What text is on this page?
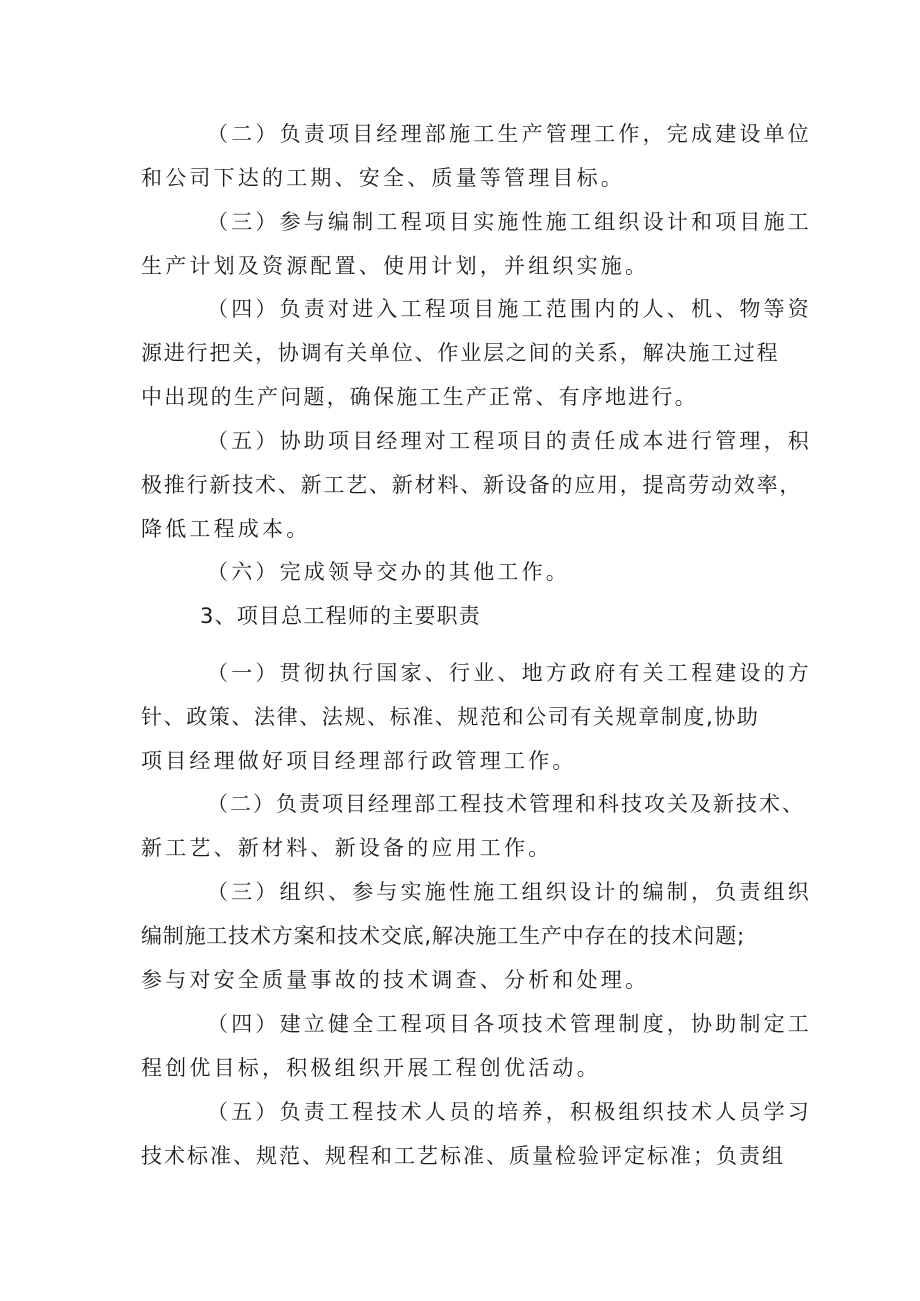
（二）负责项目经理部施工生产管理工作，完成建设单位
和公司下达的工期、安全、质量等管理目标。
（三）参与编制工程项目实施性施工组织设计和项目施工
生产计划及资源配置、使用计划，并组织实施。
（四）负责对进入工程项目施工范围内的人、机、物等资
源进行把关，协调有关单位、作业层之间的关系，解决施工过程
中出现的生产问题，确保施工生产正常、有序地进行。
（五）协助项目经理对工程项目的责任成本进行管理，积
极推行新技术、新工艺、新材料、新设备的应用，提高劳动效率，
降低工程成本。
（六）完成领导交办的其他工作。
3、项目总工程师的主要职责
（一）贯彻执行国家、行业、地方政府有关工程建设的方
针、政策、法律、法规、标准、规范和公司有关规章制度,协助
项目经理做好项目经理部行政管理工作。
（二）负责项目经理部工程技术管理和科技攻关及新技术、
新工艺、新材料、新设备的应用工作。
（三）组织、参与实施性施工组织设计的编制，负责组织
编制施工技术方案和技术交底,解决施工生产中存在的技术问题;
参与对安全质量事故的技术调查、分析和处理。
（四）建立健全工程项目各项技术管理制度，协助制定工
程创优目标，积极组织开展工程创优活动。
（五）负责工程技术人员的培养，积极组织技术人员学习
技术标准、规范、规程和工艺标准、质量检验评定标准；负责组
